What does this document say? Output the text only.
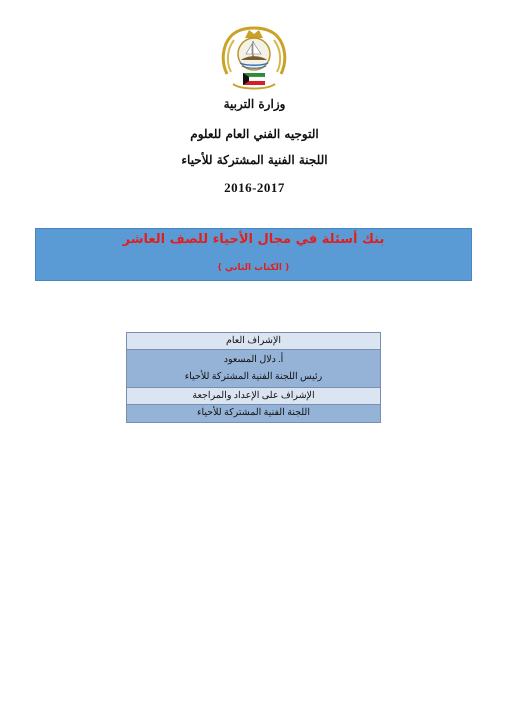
وزارة التربية
التوجيه الفني العام للعلوم
اللجنة الفنية المشتركة للأحياء
2016-2017
بنك أسئلة في مجال الأحياء للصف العاشر
( الكتاب الثاني )
الإشراف العام
أ. دلال المسعود
رئيس اللجنة الفنية المشتركة للأحياء
الإشراف على الإعداد والمراجعة
اللجنة الفنية المشتركة للأحياء
